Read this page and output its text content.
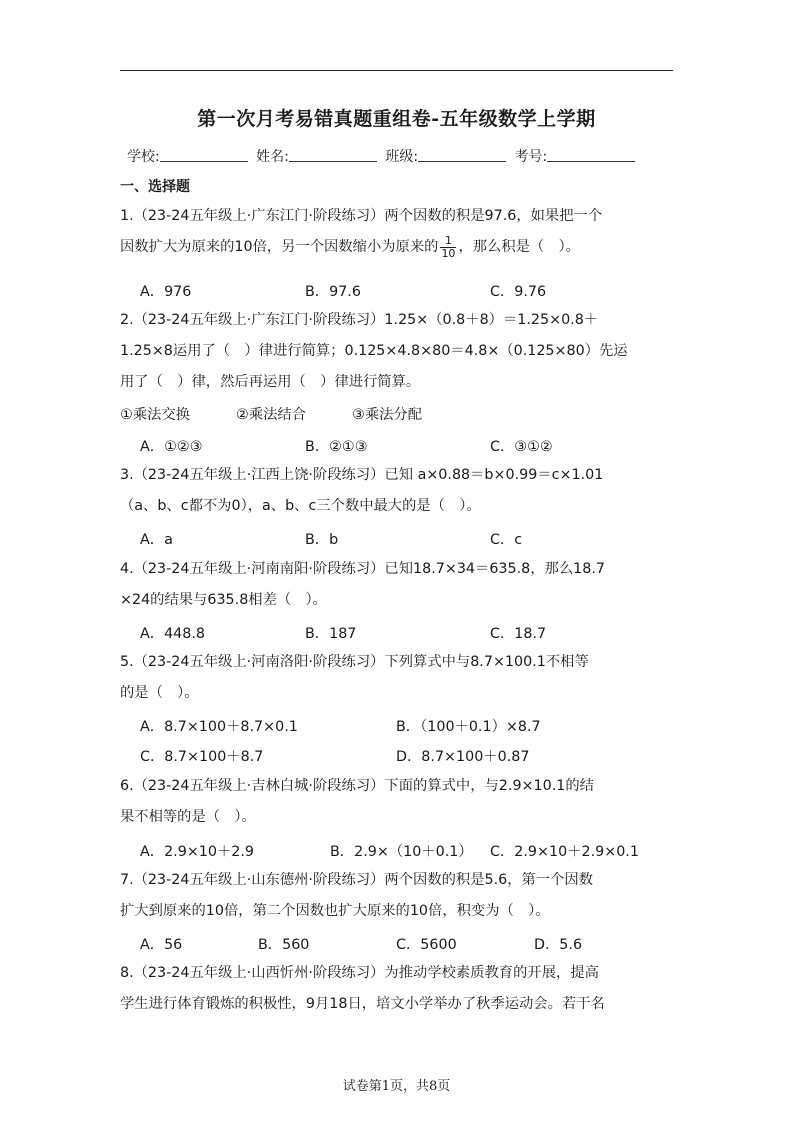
第一次月考易错真题重组卷-五年级数学上学期
学校:	姓名:	班级:	考号:
一、选择题

1.（23-24五年级上·广东江门·阶段练习）两个因数的积是97.6，如果把一个

因数扩大为原来的10倍，另一个因数缩小为原来的 $\frac{1}{10}$ ，那么积是（　）。

A．976	B．97.6	C．9.76

2.（23-24五年级上·广东江门·阶段练习）1.25×（0.8＋8）＝1.25×0.8＋

1.25×8运用了（　）律进行简算；0.125×4.8×80＝4.8×（0.125×80）先运

用了（　）律，然后再运用（　）律进行简算。

①乘法交换	②乘法结合	③乘法分配
A．①②③	B．②①③	C．③①②

3.（23-24五年级上·江西上饶·阶段练习）已知 a×0.88＝b×0.99＝c×1.01

（a、b、c都不为0），a、b、c三个数中最大的是（　）。

A．a	B．b	C．c

4.（23-24五年级上·河南南阳·阶段练习）已知18.7×34＝635.8，那么18.7

×24的结果与635.8相差（　）。

A．448.8	B．187	C．18.7

5.（23-24五年级上·河南洛阳·阶段练习）下列算式中与8.7×100.1不相等

的是（　）。

A．8.7×100＋8.7×0.1	B．（100＋0.1）×8.7
C．8.7×100＋8.7	D．8.7×100＋0.87

6.（23-24五年级上·吉林白城·阶段练习）下面的算式中，与2.9×10.1的结

果不相等的是（　）。

A．2.9×10＋2.9	B．2.9×（10＋0.1） C．2.9×10＋2.9×0.1

7.（23-24五年级上·山东德州·阶段练习）两个因数的积是5.6，第一个因数

扩大到原来的10倍，第二个因数也扩大原来的10倍，积变为（　）。

A．56	B．560	C．5600	D．5.6

8.（23-24五年级上·山西忻州·阶段练习）为推动学校素质教育的开展，提高

学生进行体育锻炼的积极性，9月18日，培文小学举办了秋季运动会。若干名

试卷第1页，共8页
